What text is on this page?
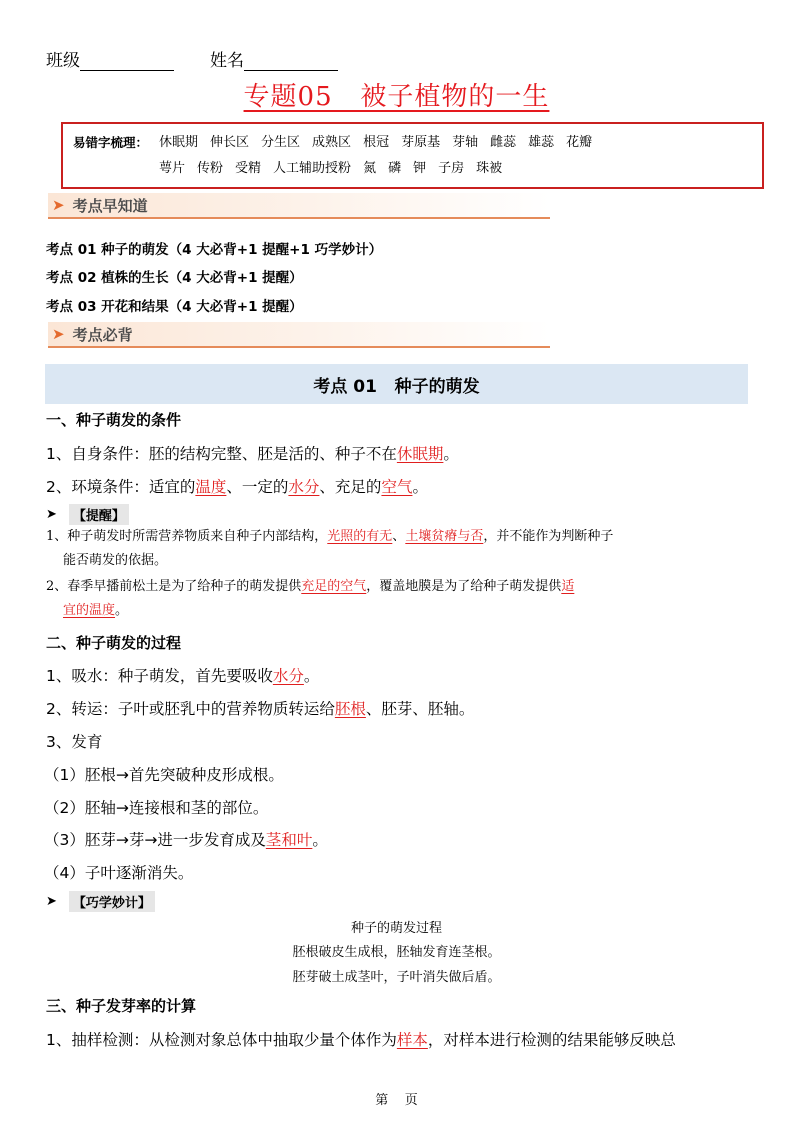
班级	姓名
专题05   被子植物的一生
易错字梳理： 休眠期 伸长区 分生区 成熟区 根冠 芽原基 芽轴 雌蕊 雄蕊 花瓣
萼片 传粉 受精 人工辅助授粉 氮 磷 钾 子房 珠被
➤ 考点早知道
考点 01 种子的萌发（4 大必背+1 提醒+1 巧学妙计）
考点 02 植株的生长（4 大必背+1 提醒）
考点 03 开花和结果（4 大必背+1 提醒）
➤ 考点必背
考点 01   种子的萌发
一、种子萌发的条件
1、自身条件：胚的结构完整、胚是活的、种子不在休眠期。
2、环境条件：适宜的温度、一定的水分、充足的空气。
➤	【提醒】
1、种子萌发时所需营养物质来自种子内部结构，光照的有无、土壤贫瘠与否，并不能作为判断种子
能否萌发的依据。
2、春季早播前松土是为了给种子的萌发提供充足的空气，覆盖地膜是为了给种子萌发提供适
宜的温度。
二、种子萌发的过程
1、吸水：种子萌发，首先要吸收水分。
2、转运：子叶或胚乳中的营养物质转运给胚根、胚芽、胚轴。
3、发育
（1）胚根→首先突破种皮形成根。
（2）胚轴→连接根和茎的部位。
（3）胚芽→芽→进一步发育成及茎和叶。
（4）子叶逐渐消失。
➤	【巧学妙计】
种子的萌发过程
胚根破皮生成根，胚轴发育连茎根。
胚芽破土成茎叶，子叶消失做后盾。
三、种子发芽率的计算
1、抽样检测：从检测对象总体中抽取少量个体作为样本，对样本进行检测的结果能够反映总
第    页
